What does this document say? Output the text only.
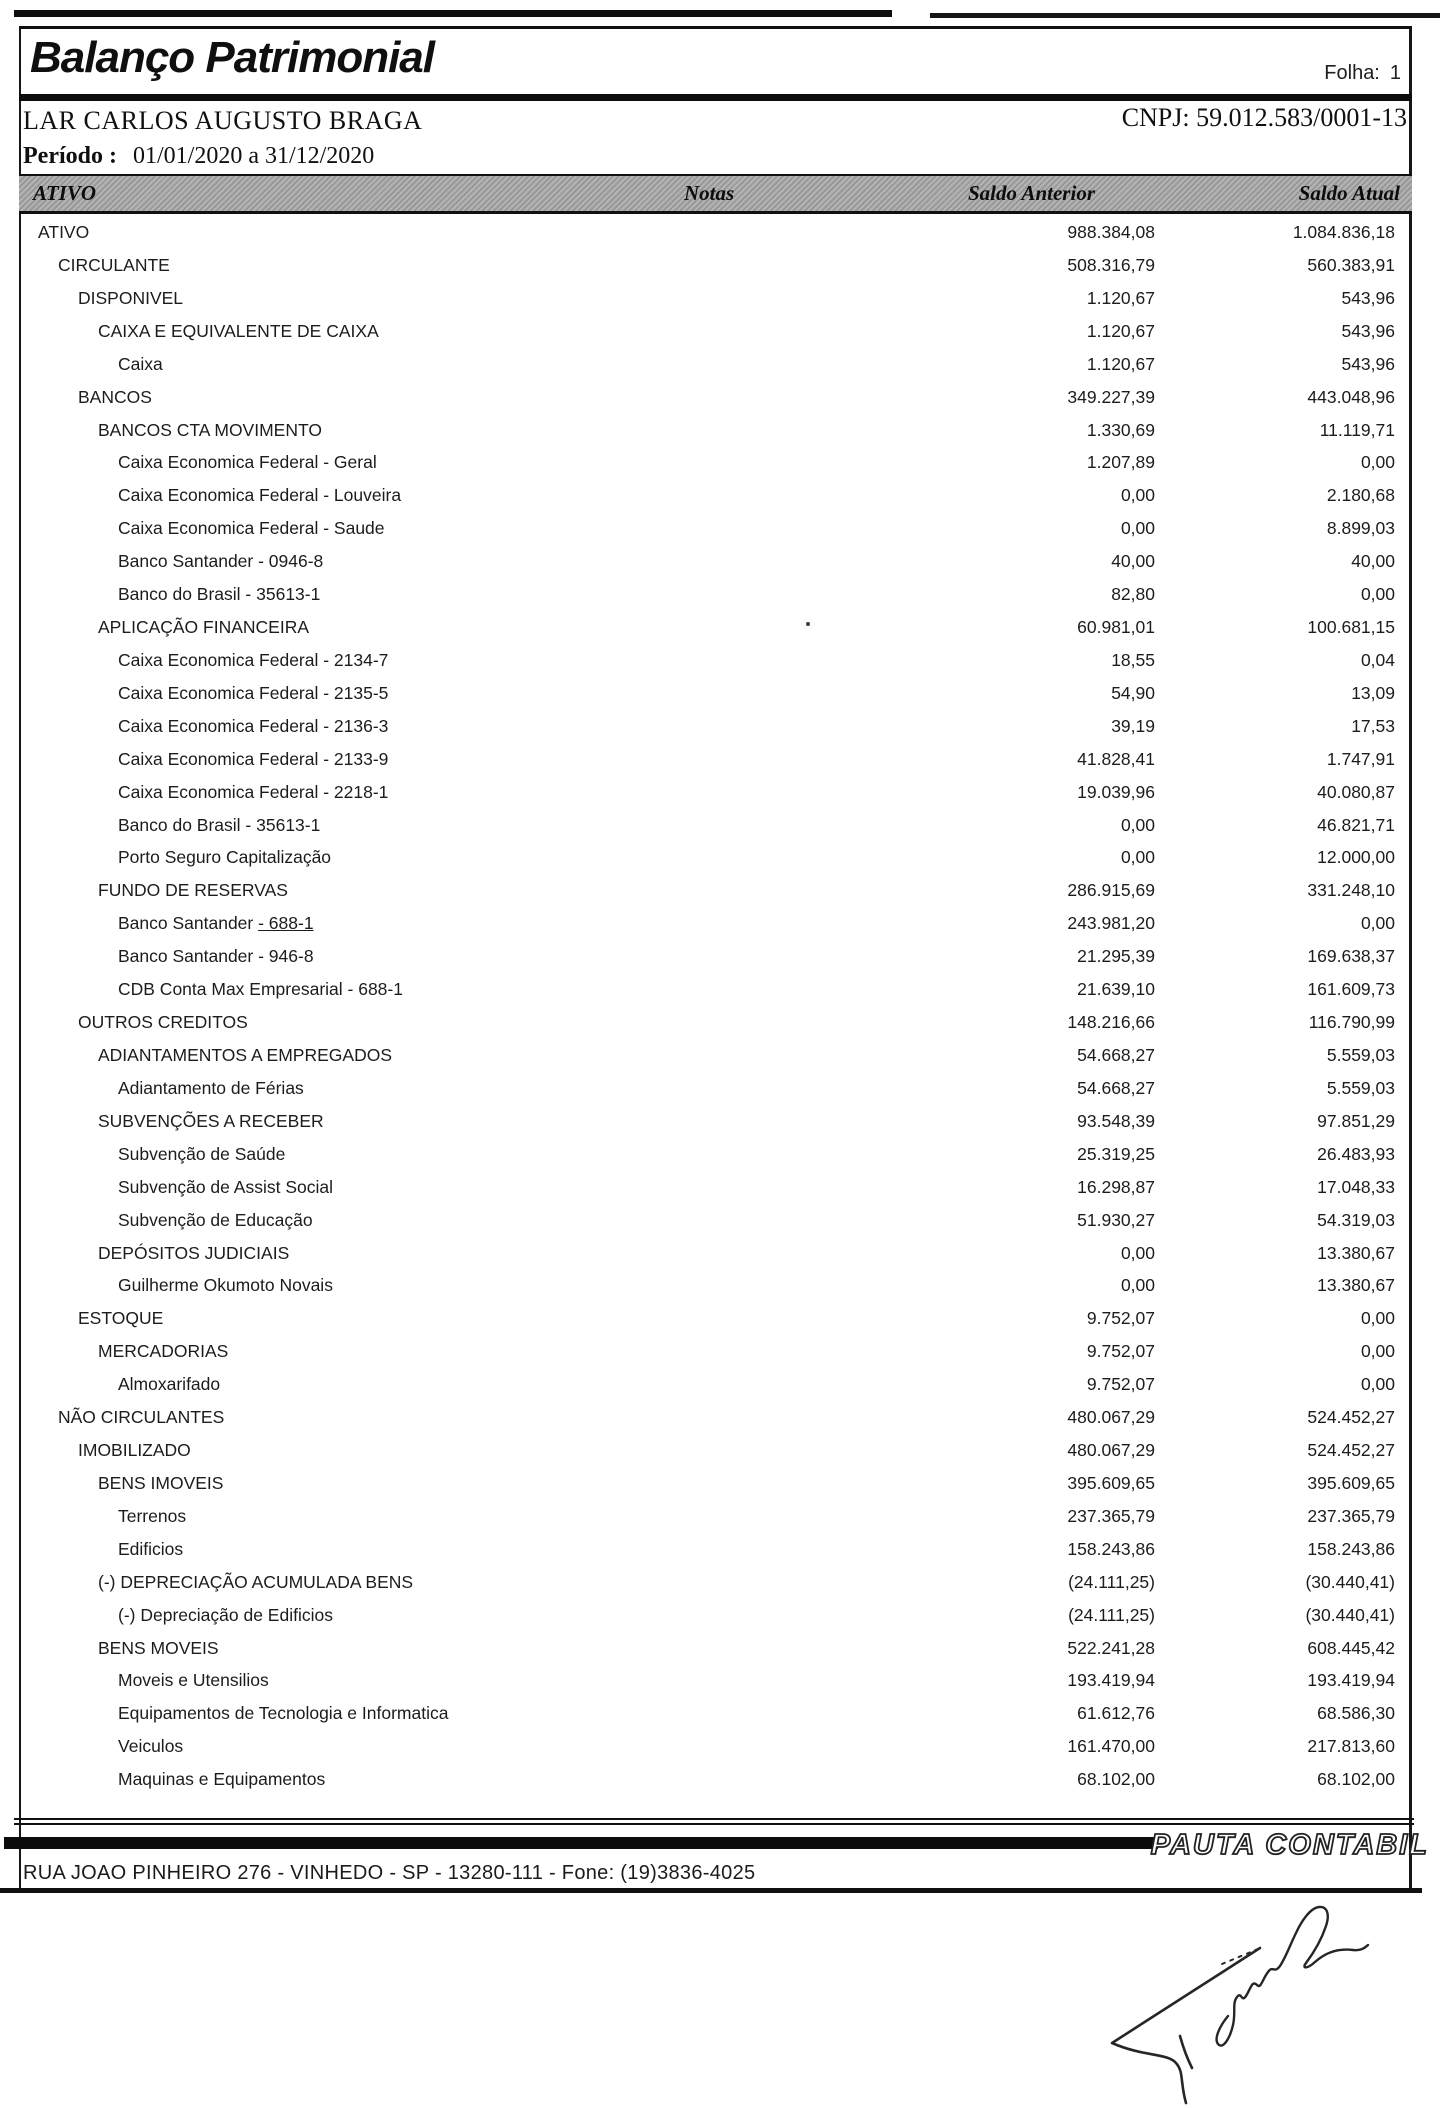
Balanço Patrimonial	Folha: 1
LAR CARLOS AUGUSTO BRAGA	CNPJ: 59.012.583/0001-13
Período : 01/01/2020 a 31/12/2020
ATIVO	Notas	Saldo Anterior	Saldo Atual
ATIVO	988.384,08	1.084.836,18
CIRCULANTE	508.316,79	560.383,91
DISPONIVEL	1.120,67	543,96
CAIXA E EQUIVALENTE DE CAIXA	1.120,67	543,96
Caixa	1.120,67	543,96
BANCOS	349.227,39	443.048,96
BANCOS CTA MOVIMENTO	1.330,69	11.119,71
Caixa Economica Federal - Geral	1.207,89	0,00
Caixa Economica Federal - Louveira	0,00	2.180,68
Caixa Economica Federal - Saude	0,00	8.899,03
Banco Santander - 0946-8	40,00	40,00
Banco do Brasil - 35613-1	82,80	0,00
APLICAÇÃO FINANCEIRA	60.981,01	100.681,15
Caixa Economica Federal - 2134-7	18,55	0,04
Caixa Economica Federal - 2135-5	54,90	13,09
Caixa Economica Federal - 2136-3	39,19	17,53
Caixa Economica Federal - 2133-9	41.828,41	1.747,91
Caixa Economica Federal - 2218-1	19.039,96	40.080,87
Banco do Brasil - 35613-1	0,00	46.821,71
Porto Seguro Capitalização	0,00	12.000,00
FUNDO DE RESERVAS	286.915,69	331.248,10
Banco Santander - 688-1	243.981,20	0,00
Banco Santander - 946-8	21.295,39	169.638,37
CDB Conta Max Empresarial - 688-1	21.639,10	161.609,73
OUTROS CREDITOS	148.216,66	116.790,99
ADIANTAMENTOS A EMPREGADOS	54.668,27	5.559,03
Adiantamento de Férias	54.668,27	5.559,03
SUBVENÇÕES A RECEBER	93.548,39	97.851,29
Subvenção de Saúde	25.319,25	26.483,93
Subvenção de Assist Social	16.298,87	17.048,33
Subvenção de Educação	51.930,27	54.319,03
DEPÓSITOS JUDICIAIS	0,00	13.380,67
Guilherme Okumoto Novais	0,00	13.380,67
ESTOQUE	9.752,07	0,00
MERCADORIAS	9.752,07	0,00
Almoxarifado	9.752,07	0,00
NÃO CIRCULANTES	480.067,29	524.452,27
IMOBILIZADO	480.067,29	524.452,27
BENS IMOVEIS	395.609,65	395.609,65
Terrenos	237.365,79	237.365,79
Edificios	158.243,86	158.243,86
(-) DEPRECIAÇÃO ACUMULADA BENS	(24.111,25)	(30.440,41)
(-) Depreciação de Edificios	(24.111,25)	(30.440,41)
BENS MOVEIS	522.241,28	608.445,42
Moveis e Utensilios	193.419,94	193.419,94
Equipamentos de Tecnologia e Informatica	61.612,76	68.586,30
Veiculos	161.470,00	217.813,60
Maquinas e Equipamentos	68.102,00	68.102,00
PAUTA CONTABIL
RUA JOAO PINHEIRO 276 - VINHEDO - SP - 13280-111 - Fone: (19)3836-4025
